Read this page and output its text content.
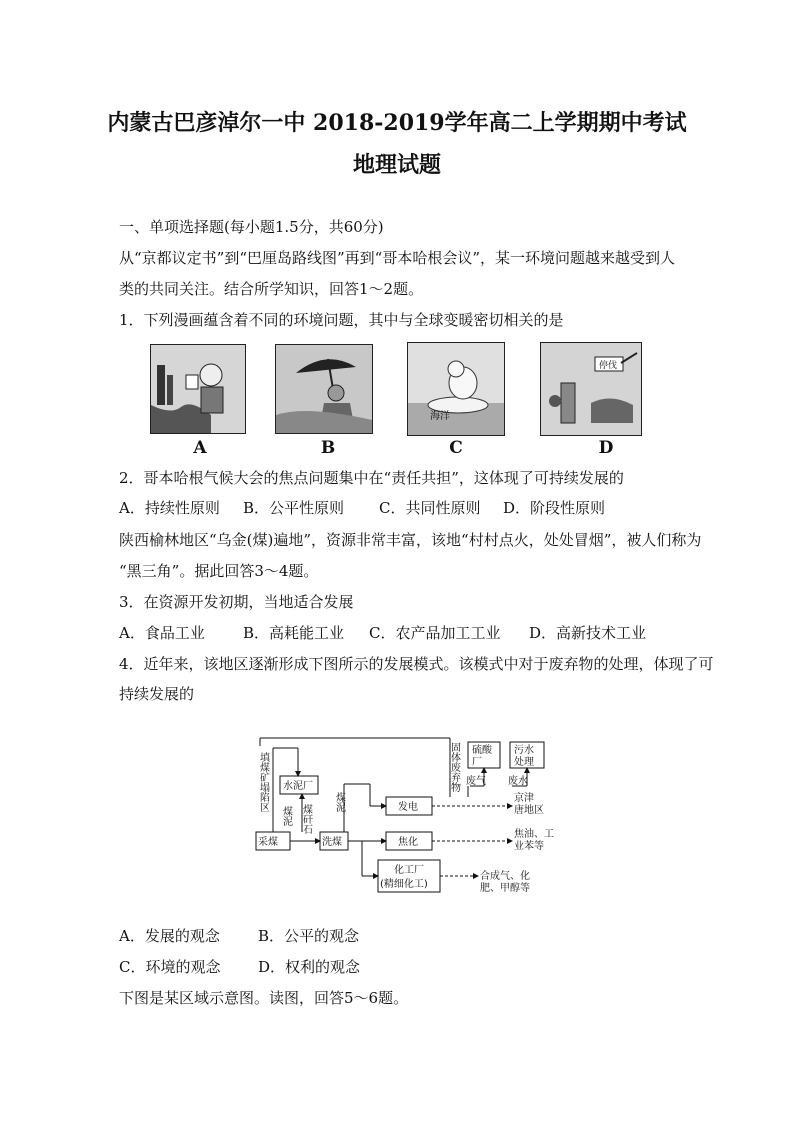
内蒙古巴彦淖尔一中 2018-2019学年高二上学期期中考试
地理试题
一、单项选择题(每小题1.5分，共60分)
从“京都议定书”到“巴厘岛路线图”再到“哥本哈根会议”，某一环境问题越来越受到人
类的共同关注。结合所学知识，回答1～2题。
1．下列漫画蕴含着不同的环境问题，其中与全球变暖密切相关的是
海洋
停伐
A	B	C	D
2．哥本哈根气候大会的焦点问题集中在“责任共担”，这体现了可持续发展的
A．持续性原则 B．公平性原则 C．共同性原则 D．阶段性原则
陕西榆林地区“乌金(煤)遍地”，资源非常丰富，该地“村村点火，处处冒烟”，被人们称为
“黑三角”。据此回答3～4题。
3．在资源开发初期，当地适合发展
A．食品工业	B．高耗能工业 C．农产品加工工业 D．高新技术工业
4．近年来，该地区逐渐形成下图所示的发展模式。该模式中对于废弃物的处理，体现了可
持续发展的
采煤
水泥厂
洗煤
发电
焦化
化工厂
(精细化工)
硫酸
厂
污水
处理
废气 废水
京津
唐地区
焦油、工
业苯等
合成气、化
肥、甲醇等
填煤矿塌陷区
煤泥 煤矸石
煤泥
固体废弃物
A．发展的观念	B．公平的观念
C．环境的观念	D．权利的观念
下图是某区域示意图。读图，回答5～6题。
